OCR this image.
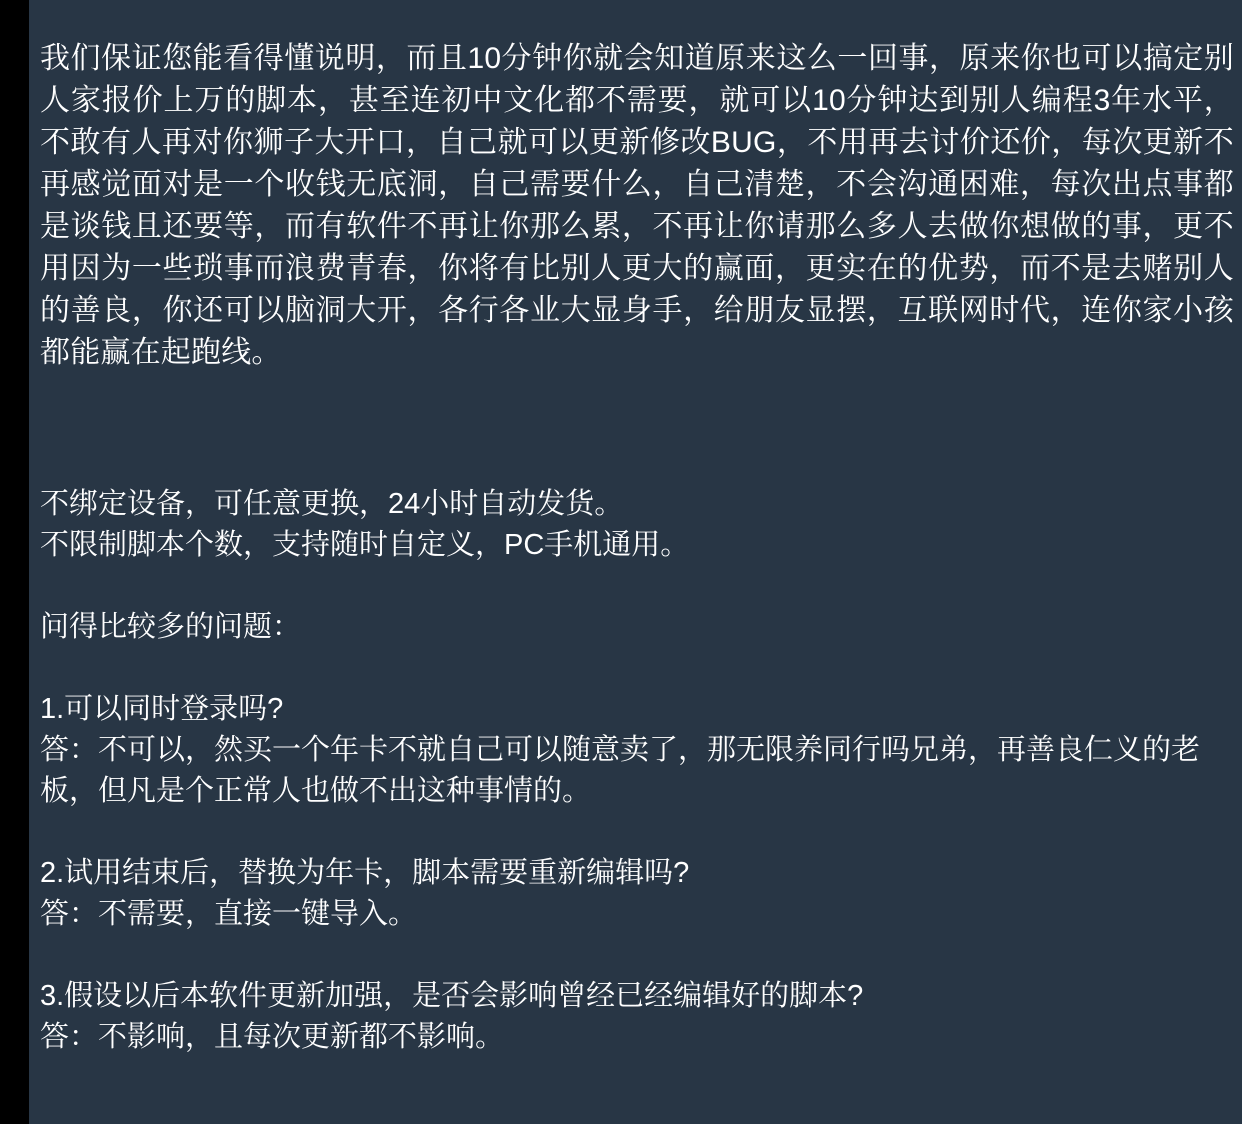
我们保证您能看得懂说明，而且10分钟你就会知道原来这么一回事，原来你也可以搞定别人家报价上万的脚本，甚至连初中文化都不需要，就可以10分钟达到别人编程3年水平，不敢有人再对你狮子大开口，自己就可以更新修改BUG，不用再去讨价还价，每次更新不再感觉面对是一个收钱无底洞，自己需要什么，自己清楚，不会沟通困难，每次出点事都是谈钱且还要等，而有软件不再让你那么累，不再让你请那么多人去做你想做的事，更不用因为一些琐事而浪费青春，你将有比别人更大的赢面，更实在的优势，而不是去赌别人的善良，你还可以脑洞大开，各行各业大显身手，给朋友显摆，互联网时代，连你家小孩都能赢在起跑线。

不绑定设备，可任意更换，24小时自动发货。

不限制脚本个数，支持随时自定义，PC手机通用。

问得比较多的问题：

1.可以同时登录吗?

答：不可以，然买一个年卡不就自己可以随意卖了，那无限养同行吗兄弟，再善良仁义的老板，但凡是个正常人也做不出这种事情的。

2.试用结束后，替换为年卡，脚本需要重新编辑吗?

答：不需要，直接一键导入。

3.假设以后本软件更新加强，是否会影响曾经已经编辑好的脚本?

答：不影响，且每次更新都不影响。
